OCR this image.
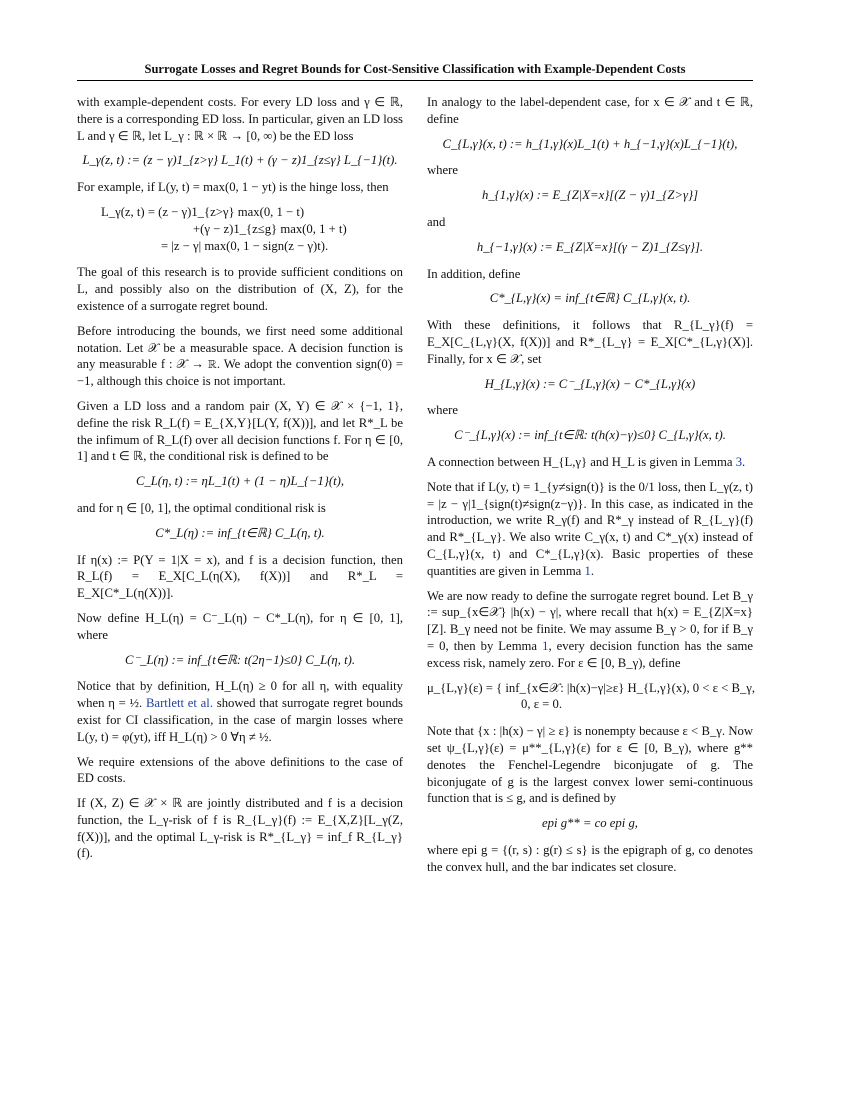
Surrogate Losses and Regret Bounds for Cost-Sensitive Classification with Example-Dependent Costs

with example-dependent costs. For every LD loss and γ ∈ ℝ, there is a corresponding ED loss. In particular, given an LD loss L and γ ∈ ℝ, let L_γ : ℝ × ℝ → [0, ∞) be the ED loss

L_γ(z, t) := (z − γ)1_{z>γ} L_1(t) + (γ − z)1_{z≤γ} L_{−1}(t).

For example, if L(y, t) = max(0, 1 − yt) is the hinge loss, then

L_γ(z, t) = (z − γ)1_{z>γ} max(0, 1 − t)
+(γ − z)1_{z≤g} max(0, 1 + t)
= |z − γ| max(0, 1 − sign(z − γ)t).

The goal of this research is to provide sufficient conditions on L, and possibly also on the distribution of (X, Z), for the existence of a surrogate regret bound.

Before introducing the bounds, we first need some additional notation. Let 𝒳 be a measurable space. A decision function is any measurable f : 𝒳 → ℝ. We adopt the convention sign(0) = −1, although this choice is not important.

Given a LD loss and a random pair (X, Y) ∈ 𝒳 × {−1, 1}, define the risk R_L(f) = E_{X,Y}[L(Y, f(X))], and let R*_L be the infimum of R_L(f) over all decision functions f. For η ∈ [0, 1] and t ∈ ℝ, the conditional risk is defined to be

C_L(η, t) := ηL_1(t) + (1 − η)L_{−1}(t),

and for η ∈ [0, 1], the optimal conditional risk is

C*_L(η) := inf_{t∈ℝ} C_L(η, t).

If η(x) := P(Y = 1|X = x), and f is a decision function, then R_L(f) = E_X[C_L(η(X), f(X))] and R*_L = E_X[C*_L(η(X))].

Now define H_L(η) = C⁻_L(η) − C*_L(η), for η ∈ [0, 1], where

C⁻_L(η) := inf_{t∈ℝ: t(2η−1)≤0} C_L(η, t).

Notice that by definition, H_L(η) ≥ 0 for all η, with equality when η = ½. Bartlett et al. showed that surrogate regret bounds exist for CI classification, in the case of margin losses where L(y, t) = φ(yt), iff H_L(η) > 0 ∀η ≠ ½.

We require extensions of the above definitions to the case of ED costs.

If (X, Z) ∈ 𝒳 × ℝ are jointly distributed and f is a decision function, the L_γ-risk of f is R_{L_γ}(f) := E_{X,Z}[L_γ(Z, f(X))], and the optimal L_γ-risk is R*_{L_γ} = inf_f R_{L_γ}(f).

In analogy to the label-dependent case, for x ∈ 𝒳 and t ∈ ℝ, define

C_{L,γ}(x, t) := h_{1,γ}(x)L_1(t) + h_{−1,γ}(x)L_{−1}(t),

where

h_{1,γ}(x) := E_{Z|X=x}[(Z − γ)1_{Z>γ}]

and

h_{−1,γ}(x) := E_{Z|X=x}[(γ − Z)1_{Z≤γ}].

In addition, define

C*_{L,γ}(x) = inf_{t∈ℝ} C_{L,γ}(x, t).

With these definitions, it follows that R_{L_γ}(f) = E_X[C_{L,γ}(X, f(X))] and R*_{L_γ} = E_X[C*_{L,γ}(X)]. Finally, for x ∈ 𝒳, set

H_{L,γ}(x) := C⁻_{L,γ}(x) − C*_{L,γ}(x)

where

C⁻_{L,γ}(x) := inf_{t∈ℝ: t(h(x)−γ)≤0} C_{L,γ}(x, t).

A connection between H_{L,γ} and H_L is given in Lemma 3.

Note that if L(y, t) = 1_{y≠sign(t)} is the 0/1 loss, then L_γ(z, t) = |z − γ|1_{sign(t)≠sign(z−γ)}. In this case, as indicated in the introduction, we write R_γ(f) and R*_γ instead of R_{L_γ}(f) and R*_{L_γ}. We also write C_γ(x, t) and C*_γ(x) instead of C_{L,γ}(x, t) and C*_{L,γ}(x). Basic properties of these quantities are given in Lemma 1.

We are now ready to define the surrogate regret bound. Let B_γ := sup_{x∈𝒳} |h(x) − γ|, where recall that h(x) = E_{Z|X=x}[Z]. B_γ need not be finite. We may assume B_γ > 0, for if B_γ = 0, then by Lemma 1, every decision function has the same excess risk, namely zero. For ε ∈ [0, B_γ), define

μ_{L,γ}(ε) = { inf_{x∈𝒳: |h(x)−γ|≥ε} H_{L,γ}(x), 0 < ε < B_γ,
0, ε = 0.

Note that {x : |h(x) − γ| ≥ ε} is nonempty because ε < B_γ. Now set ψ_{L,γ}(ε) = μ**_{L,γ}(ε) for ε ∈ [0, B_γ), where g** denotes the Fenchel-Legendre biconjugate of g. The biconjugate of g is the largest convex lower semi-continuous function that is ≤ g, and is defined by

epi g** = co epi g,

where epi g = {(r, s) : g(r) ≤ s} is the epigraph of g, co denotes the convex hull, and the bar indicates set closure.
